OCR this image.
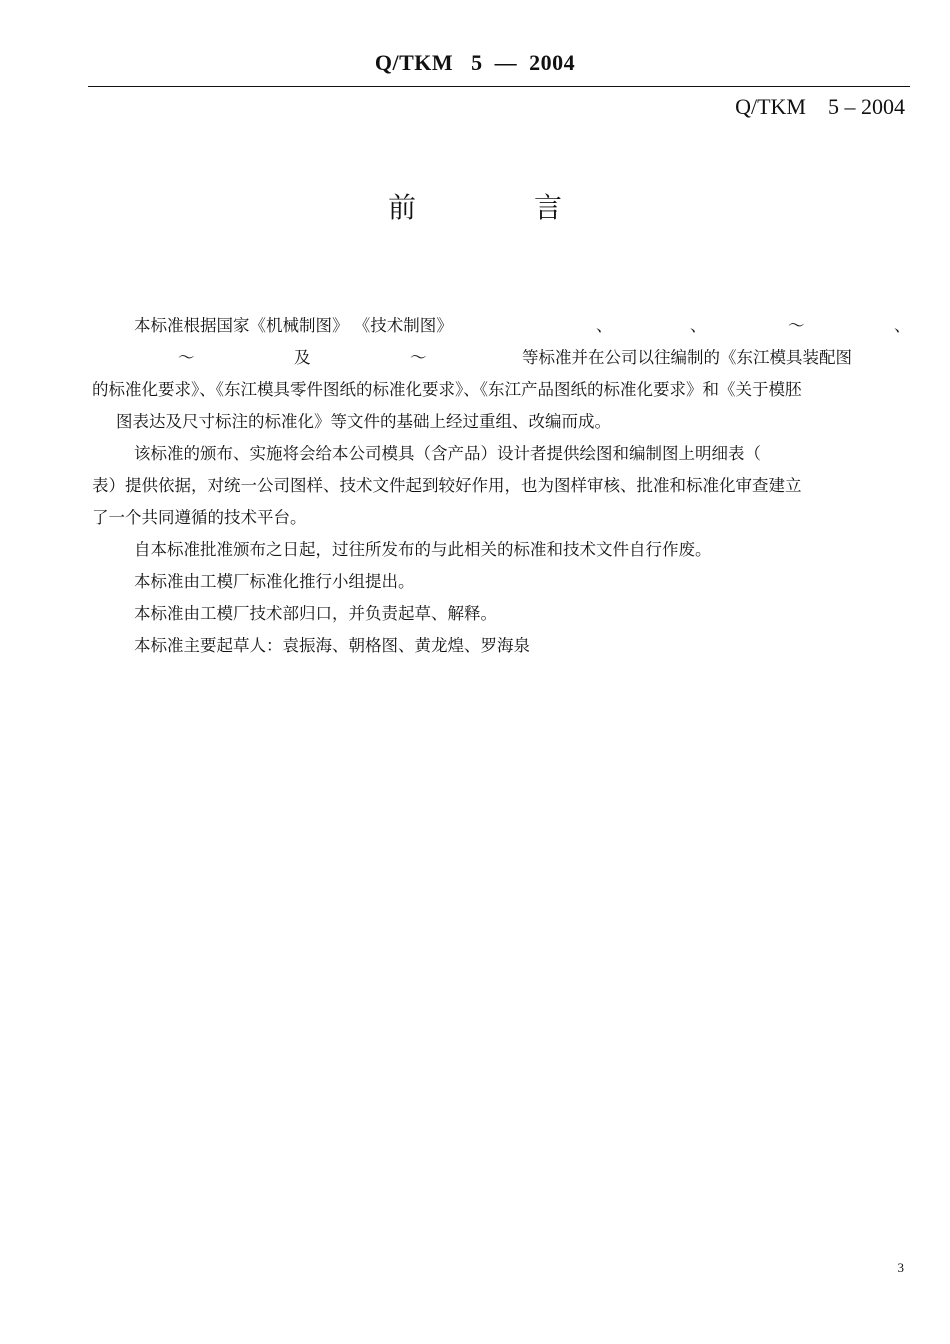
Q/TKM   5  —  2004
Q/TKM    5 – 2004
前	言
本标准根据国家《机械制图》 《技术制图》	、	、	～	、
～	及	～	等标准并在公司以往编制的《东江模具装配图
的标准化要求》、《东江模具零件图纸的标准化要求》、《东江产品图纸的标准化要求》和《关于模胚
图表达及尺寸标注的标准化》等文件的基础上经过重组、改编而成。
该标准的颁布、实施将会给本公司模具（含产品）设计者提供绘图和编制图上明细表（
表）提供依据，对统一公司图样、技术文件起到较好作用，也为图样审核、批准和标准化审查建立
了一个共同遵循的技术平台。
自本标准批准颁布之日起，过往所发布的与此相关的标准和技术文件自行作废。
本标准由工模厂标准化推行小组提出。
本标准由工模厂技术部归口，并负责起草、解释。
本标准主要起草人：袁振海、朝格图、黄龙煌、罗海泉
3
